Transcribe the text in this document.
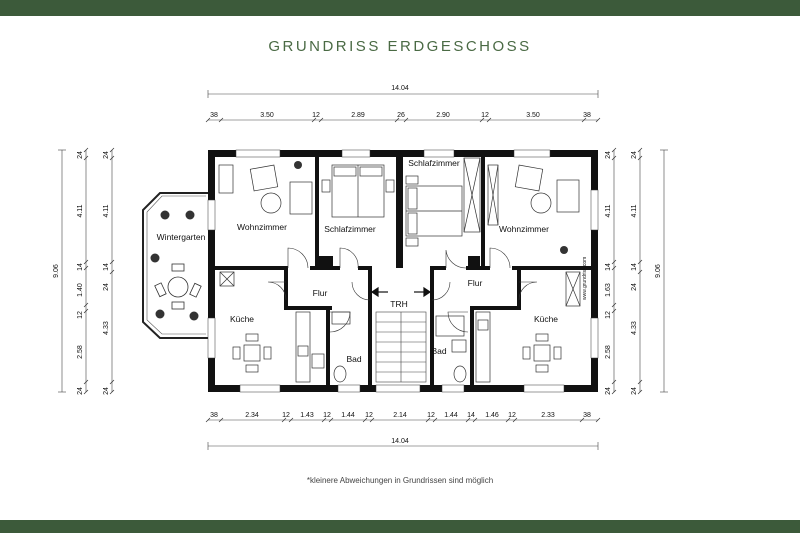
GRUNDRISS ERDGESCHOSS
14.04
38	3.50	12	2.89	26	2.90	12	3.50	38
38	2.34	12 1.43 12 1.44 12	2.14	12 1.44 14 1.46 12	2.33	38
14.04
9.06
24
4.11
14
1.40
12
2.58
24
24
4.11
14
24
4.33
24
24
4.11
14
1.63
12
2.58
24
24
4.11
14
24
4.33
24
9.06
Wintergarten
Wohnzimmer	Schlafzimmer
Schlafzimmer
Wohnzimmer
Flur
TRH
Flur
Küche
Bad
Bad
Küche
www.grundriss.com
www.grundriss.com
*kleinere Abweichungen in Grundrissen sind möglich
